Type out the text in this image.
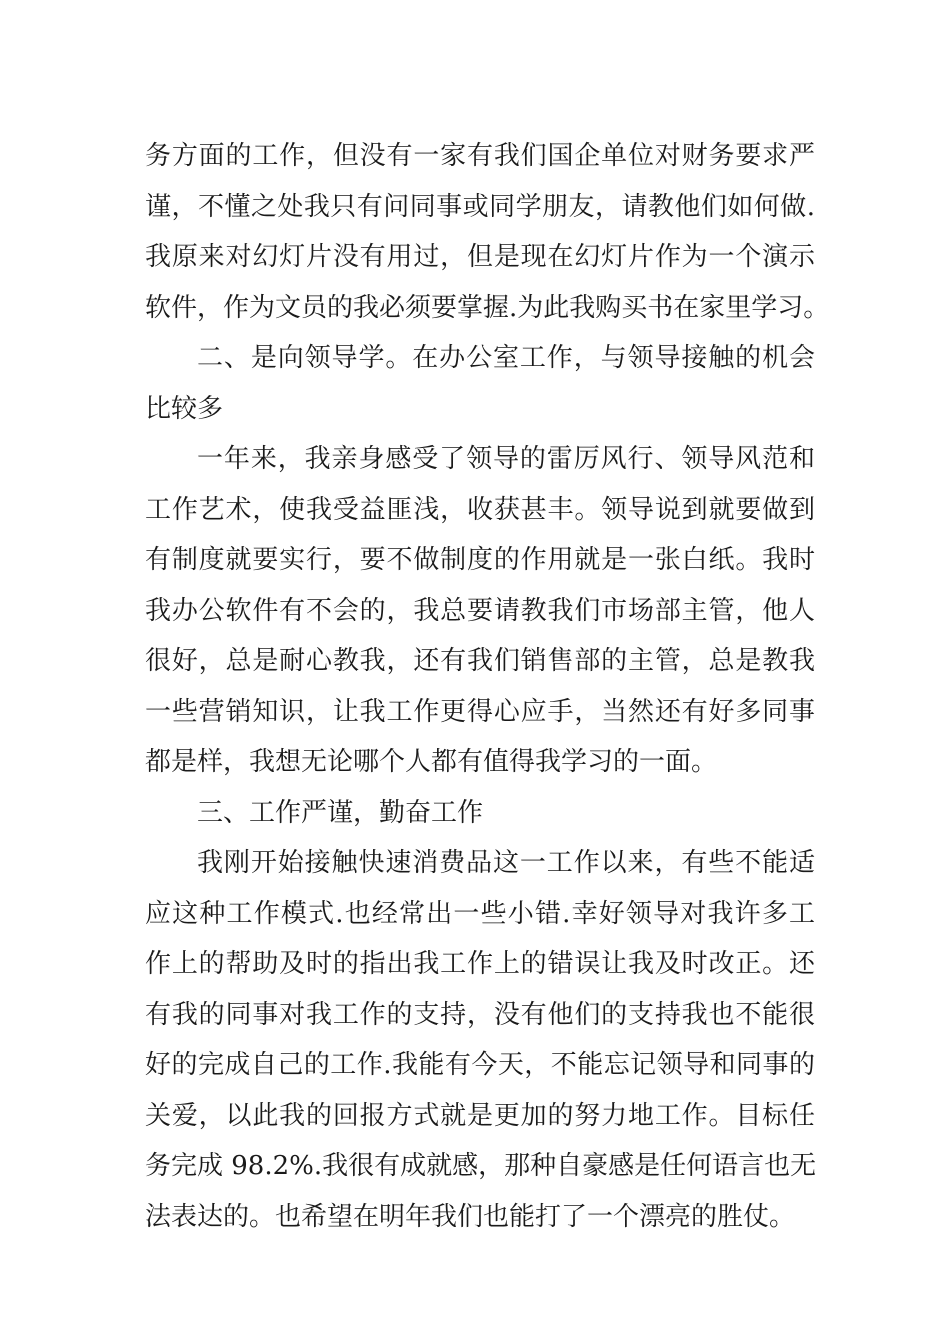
务方面的工作，但没有一家有我们国企单位对财务要求严
谨，不懂之处我只有问同事或同学朋友，请教他们如何做.
我原来对幻灯片没有用过，但是现在幻灯片作为一个演示
软件，作为文员的我必须要掌握.为此我购买书在家里学习。
二、是向领导学。在办公室工作，与领导接触的机会
比较多
一年来，我亲身感受了领导的雷厉风行、领导风范和
工作艺术，使我受益匪浅，收获甚丰。领导说到就要做到
有制度就要实行，要不做制度的作用就是一张白纸。我时
我办公软件有不会的，我总要请教我们市场部主管，他人
很好，总是耐心教我，还有我们销售部的主管，总是教我
一些营销知识，让我工作更得心应手，当然还有好多同事
都是样，我想无论哪个人都有值得我学习的一面。
三、工作严谨，勤奋工作
我刚开始接触快速消费品这一工作以来，有些不能适
应这种工作模式.也经常出一些小错.幸好领导对我许多工
作上的帮助及时的指出我工作上的错误让我及时改正。还
有我的同事对我工作的支持，没有他们的支持我也不能很
好的完成自己的工作.我能有今天，不能忘记领导和同事的
关爱，以此我的回报方式就是更加的努力地工作。目标任
务完成 98.2%.我很有成就感，那种自豪感是任何语言也无
法表达的。也希望在明年我们也能打了一个漂亮的胜仗。
